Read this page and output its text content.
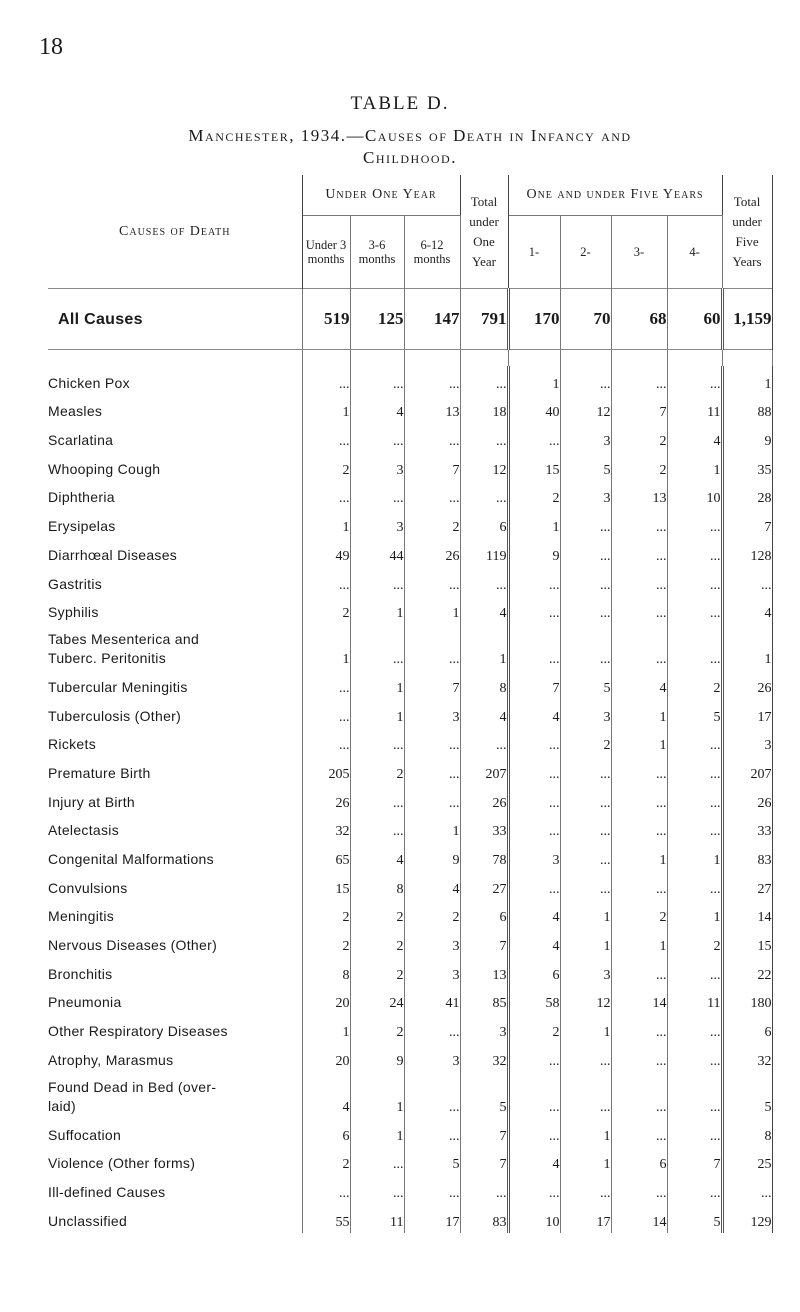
18
TABLE D.
Manchester, 1934.—Causes of Death in Infancy and
Childhood.
Causes of Death	Under One Year			Total under One Year	One and under Five Years				Total under Five Years
	Under 3 months	3-6 months	6-12 months		1-	2-	3-	4-	
All Causes	519	125	147	791	170	70	68	60	1,159

Chicken Pox	...	...	...	...	1	...	...	...	1

Measles	1	4	13	18	40	12	7	11	88

Scarlatina	...	...	...	...	...	3	2	4	9

Whooping Cough	2	3	7	12	15	5	2	1	35

Diphtheria	...	...	...	...	2	3	13	10	28

Erysipelas	1	3	2	6	1	...	...	...	7

Diarrhœal Diseases	49	44	26	119	9	...	...	...	128

Gastritis	...	...	...	...	...	...	...	...	...

Syphilis	2	1	1	4	...	...	...	...	4

Tabes Mesenterica and
Tuberc. Peritonitis	1	...	...	1	...	...	...	...	1

Tubercular Meningitis	...	1	7	8	7	5	4	2	26

Tuberculosis (Other)	...	1	3	4	4	3	1	5	17

Rickets	...	...	...	...	...	2	1	...	3

Premature Birth	205	2	...	207	...	...	...	...	207

Injury at Birth	26	...	...	26	...	...	...	...	26

Atelectasis	32	...	1	33	...	...	...	...	33

Congenital Malformations	65	4	9	78	3	...	1	1	83

Convulsions	15	8	4	27	...	...	...	...	27

Meningitis	2	2	2	6	4	1	2	1	14

Nervous Diseases (Other)	2	2	3	7	4	1	1	2	15

Bronchitis	8	2	3	13	6	3	...	...	22

Pneumonia	20	24	41	85	58	12	14	11	180

Other Respiratory Diseases	1	2	...	3	2	1	...	...	6

Atrophy, Marasmus	20	9	3	32	...	...	...	...	32

Found Dead in Bed (over-
laid)	4	1	...	5	...	...	...	...	5

Suffocation	6	1	...	7	...	1	...	...	8

Violence (Other forms)	2	...	5	7	4	1	6	7	25

Ill-defined Causes	...	...	...	...	...	...	...	...	...

Unclassified	55	11	17	83	10	17	14	5	129
